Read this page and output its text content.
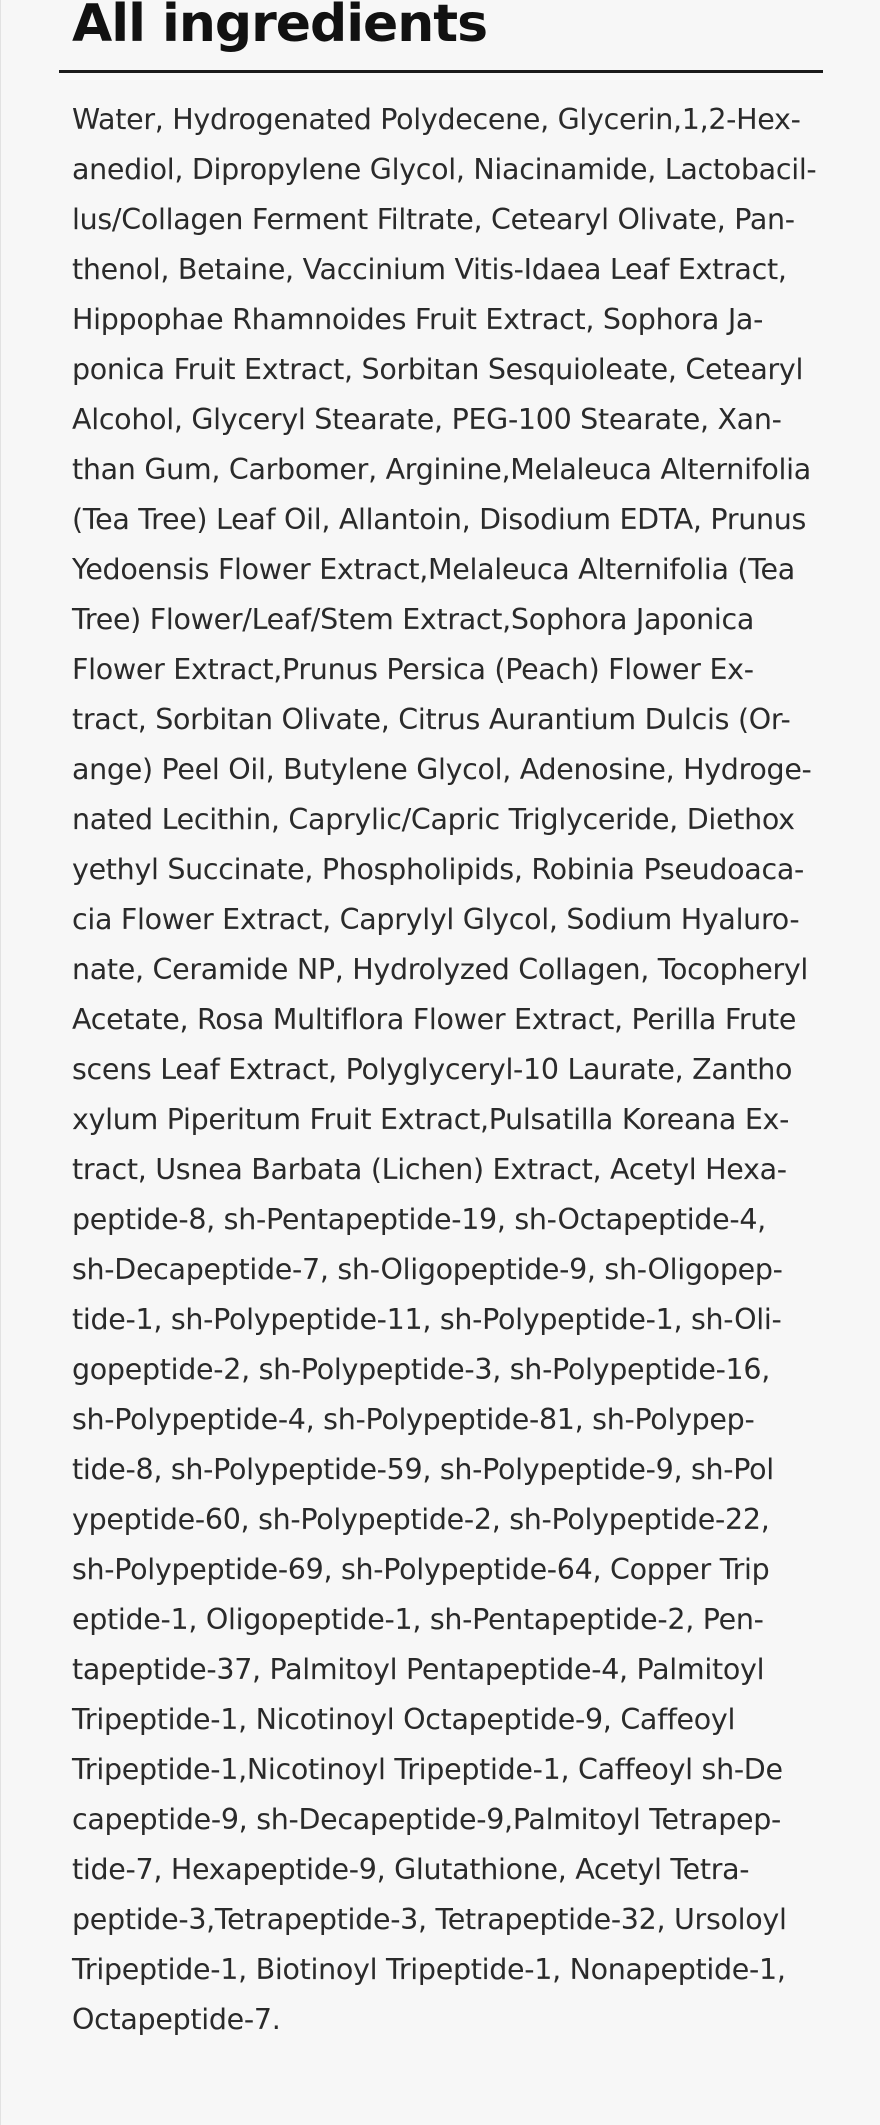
All ingredients

Water, Hydrogenated Polydecene, Glycerin,1,2-Hex-
anediol, Dipropylene Glycol, Niacinamide, Lactobacil-
lus/Collagen Ferment Filtrate, Cetearyl Olivate, Pan-
thenol, Betaine, Vaccinium Vitis-Idaea Leaf Extract,
Hippophae Rhamnoides Fruit Extract, Sophora Ja-
ponica Fruit Extract, Sorbitan Sesquioleate, Cetearyl
Alcohol, Glyceryl Stearate, PEG-100 Stearate, Xan-
than Gum, Carbomer, Arginine,Melaleuca Alternifolia
(Tea Tree) Leaf Oil, Allantoin, Disodium EDTA, Prunus
Yedoensis Flower Extract,Melaleuca Alternifolia (Tea
Tree) Flower/Leaf/Stem Extract,Sophora Japonica
Flower Extract,Prunus Persica (Peach) Flower Ex-
tract, Sorbitan Olivate, Citrus Aurantium Dulcis (Or-
ange) Peel Oil, Butylene Glycol, Adenosine, Hydroge-
nated Lecithin, Caprylic/Capric Triglyceride, Diethox
yethyl Succinate, Phospholipids, Robinia Pseudoaca-
cia Flower Extract, Caprylyl Glycol, Sodium Hyaluro-
nate, Ceramide NP, Hydrolyzed Collagen, Tocopheryl
Acetate, Rosa Multiflora Flower Extract, Perilla Frute
scens Leaf Extract, Polyglyceryl-10 Laurate, Zantho
xylum Piperitum Fruit Extract,Pulsatilla Koreana Ex-
tract, Usnea Barbata (Lichen) Extract, Acetyl Hexa-
peptide-8, sh-Pentapeptide-19, sh-Octapeptide-4,
sh-Decapeptide-7, sh-Oligopeptide-9, sh-Oligopep-
tide-1, sh-Polypeptide-11, sh-Polypeptide-1, sh-Oli-
gopeptide-2, sh-Polypeptide-3, sh-Polypeptide-16,
sh-Polypeptide-4, sh-Polypeptide-81, sh-Polypep-
tide-8, sh-Polypeptide-59, sh-Polypeptide-9, sh-Pol
ypeptide-60, sh-Polypeptide-2, sh-Polypeptide-22,
sh-Polypeptide-69, sh-Polypeptide-64, Copper Trip
eptide-1, Oligopeptide-1, sh-Pentapeptide-2, Pen-
tapeptide-37, Palmitoyl Pentapeptide-4, Palmitoyl
Tripeptide-1, Nicotinoyl Octapeptide-9, Caffeoyl
Tripeptide-1,Nicotinoyl Tripeptide-1, Caffeoyl sh-De
capeptide-9, sh-Decapeptide-9,Palmitoyl Tetrapep-
tide-7, Hexapeptide-9, Glutathione, Acetyl Tetra-
peptide-3,Tetrapeptide-3, Tetrapeptide-32, Ursoloyl
Tripeptide-1, Biotinoyl Tripeptide-1, Nonapeptide-1,
Octapeptide-7.
